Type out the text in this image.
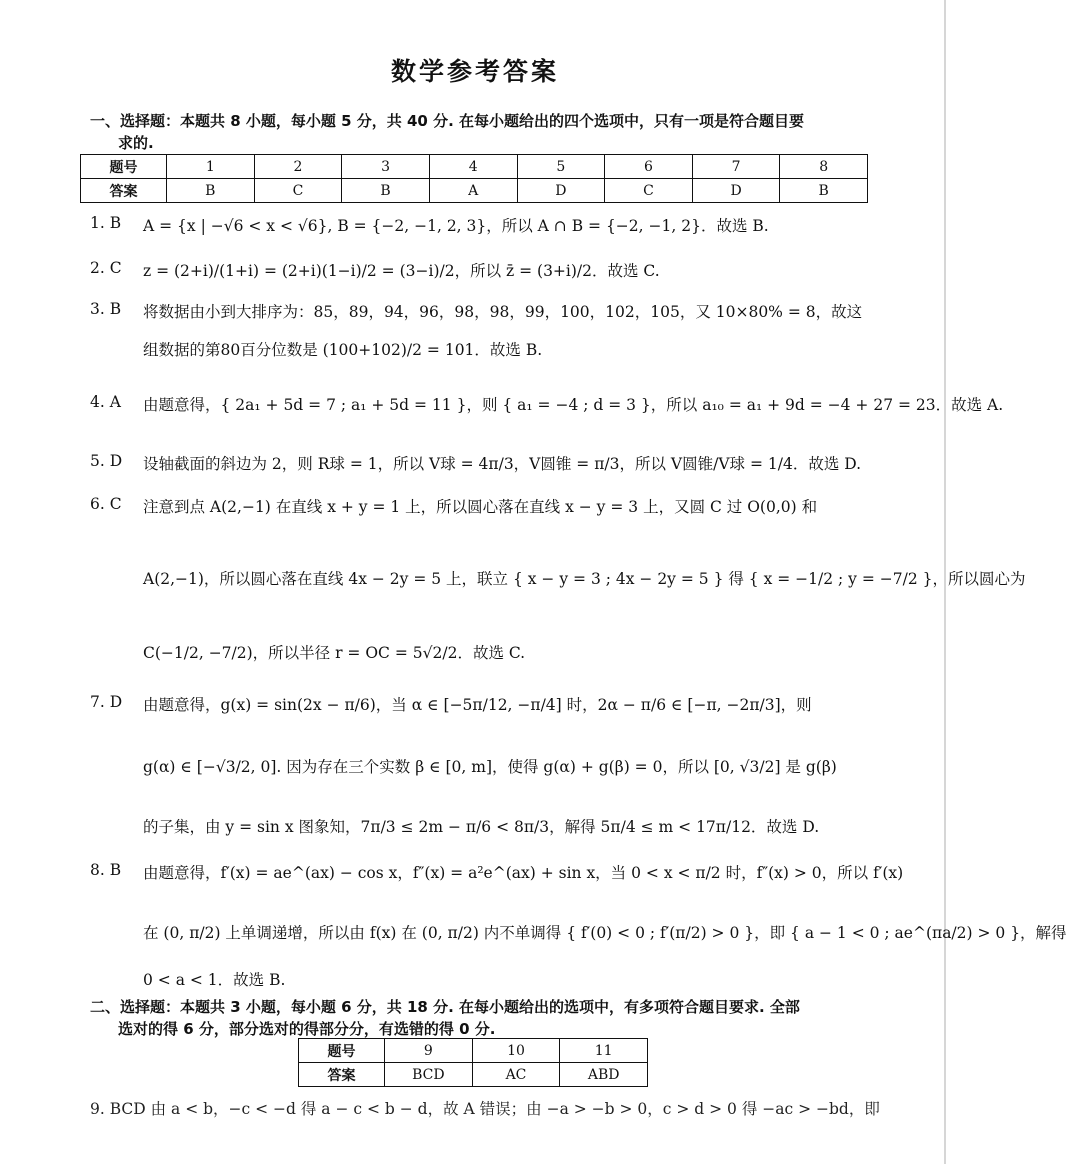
数学参考答案
一、选择题：本题共 8 小题，每小题 5 分，共 40 分. 在每小题给出的四个选项中，只有一项是符合题目要
求的.
题号	1	2	3	4	5	6	7	8
答案	B	C	B	A	D	C	D	B
1. B
2. C
3. B
4. A
5. D
6. C
7. D
8. B
A = {x | −√6 < x < √6}, B = {−2, −1, 2, 3}，所以 A ∩ B = {−2, −1, 2}．故选 B.
z = (2+i)/(1+i) = (2+i)(1−i)/2 = (3−i)/2，所以 z̄ = (3+i)/2．故选 C.
将数据由小到大排序为：85，89，94，96，98，98，99，100，102，105，又 10×80% = 8，故这
组数据的第80百分位数是 (100+102)/2 = 101．故选 B.
由题意得，{ 2a₁ + 5d = 7 ; a₁ + 5d = 11 }，则 { a₁ = −4 ; d = 3 }，所以 a₁₀ = a₁ + 9d = −4 + 27 = 23．故选 A.
设轴截面的斜边为 2，则 R球 = 1，所以 V球 = 4π/3，V圆锥 = π/3，所以 V圆锥/V球 = 1/4．故选 D.
注意到点 A(2,−1) 在直线 x + y = 1 上，所以圆心落在直线 x − y = 3 上，又圆 C 过 O(0,0) 和
A(2,−1)，所以圆心落在直线 4x − 2y = 5 上，联立 { x − y = 3 ; 4x − 2y = 5 } 得 { x = −1/2 ; y = −7/2 }，所以圆心为
C(−1/2, −7/2)，所以半径 r = OC = 5√2/2．故选 C.
由题意得，g(x) = sin(2x − π/6)，当 α ∈ [−5π/12, −π/4] 时，2α − π/6 ∈ [−π, −2π/3]，则
g(α) ∈ [−√3/2, 0]. 因为存在三个实数 β ∈ [0, m]，使得 g(α) + g(β) = 0，所以 [0, √3/2] 是 g(β)
的子集，由 y = sin x 图象知，7π/3 ≤ 2m − π/6 < 8π/3，解得 5π/4 ≤ m < 17π/12．故选 D.
由题意得，f′(x) = ae^(ax) − cos x，f″(x) = a²e^(ax) + sin x，当 0 < x < π/2 时，f″(x) > 0，所以 f′(x)
在 (0, π/2) 上单调递增，所以由 f(x) 在 (0, π/2) 内不单调得 { f′(0) < 0 ; f′(π/2) > 0 }，即 { a − 1 < 0 ; ae^(πa/2) > 0 }，解得
0 < a < 1．故选 B.
二、选择题：本题共 3 小题，每小题 6 分，共 18 分. 在每小题给出的选项中，有多项符合题目要求. 全部
选对的得 6 分，部分选对的得部分分，有选错的得 0 分.
题号	9	10	11
答案	BCD	AC	ABD
9. BCD 由 a < b，−c < −d 得 a − c < b − d，故 A 错误；由 −a > −b > 0，c > d > 0 得 −ac > −bd，即
